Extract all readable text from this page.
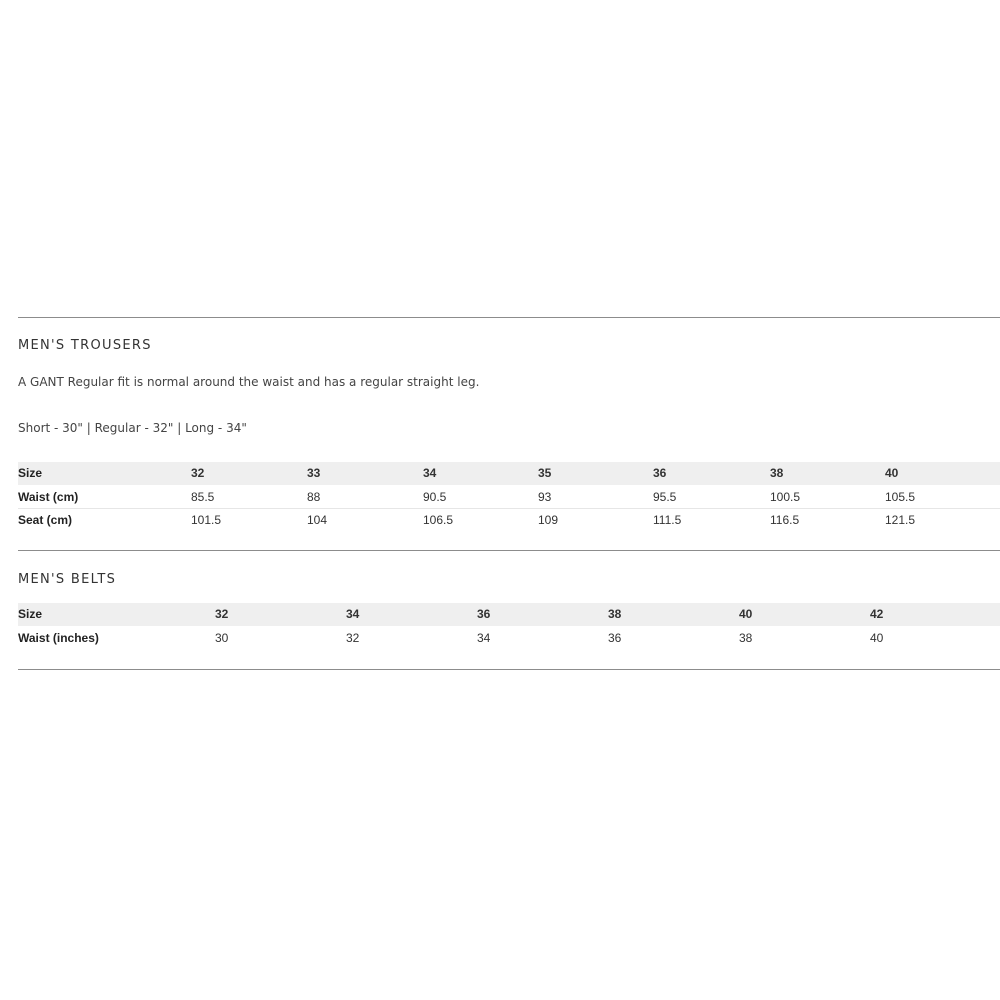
MEN'S TROUSERS

A GANT Regular fit is normal around the waist and has a regular straight leg.

Short - 30" | Regular - 32" | Long - 34"

Size	32	33	34	35	36	38	40
Waist (cm)	85.5	88	90.5	93	95.5	100.5	105.5
Seat (cm)	101.5	104	106.5	109	111.5	116.5	121.5
MEN'S BELTS
Size	32	34	36	38	40	42
Waist (inches)	30	32	34	36	38	40
